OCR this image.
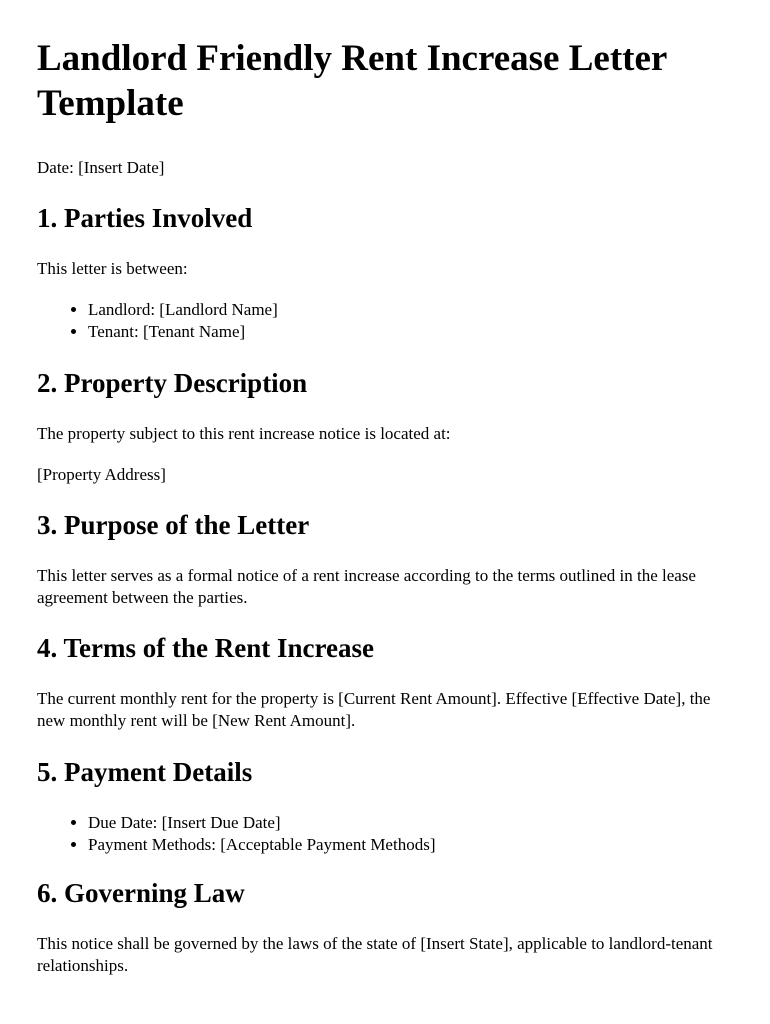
Landlord Friendly Rent Increase Letter Template

Date: [Insert Date]

1. Parties Involved

This letter is between:

• Landlord: [Landlord Name]
• Tenant: [Tenant Name]
2. Property Description

The property subject to this rent increase notice is located at:

[Property Address]

3. Purpose of the Letter

This letter serves as a formal notice of a rent increase according to the terms outlined in the lease agreement between the parties.

4. Terms of the Rent Increase

The current monthly rent for the property is [Current Rent Amount]. Effective [Effective Date], the new monthly rent will be [New Rent Amount].

5. Payment Details
• Due Date: [Insert Due Date]
• Payment Methods: [Acceptable Payment Methods]
6. Governing Law

This notice shall be governed by the laws of the state of [Insert State], applicable to landlord-tenant relationships.
